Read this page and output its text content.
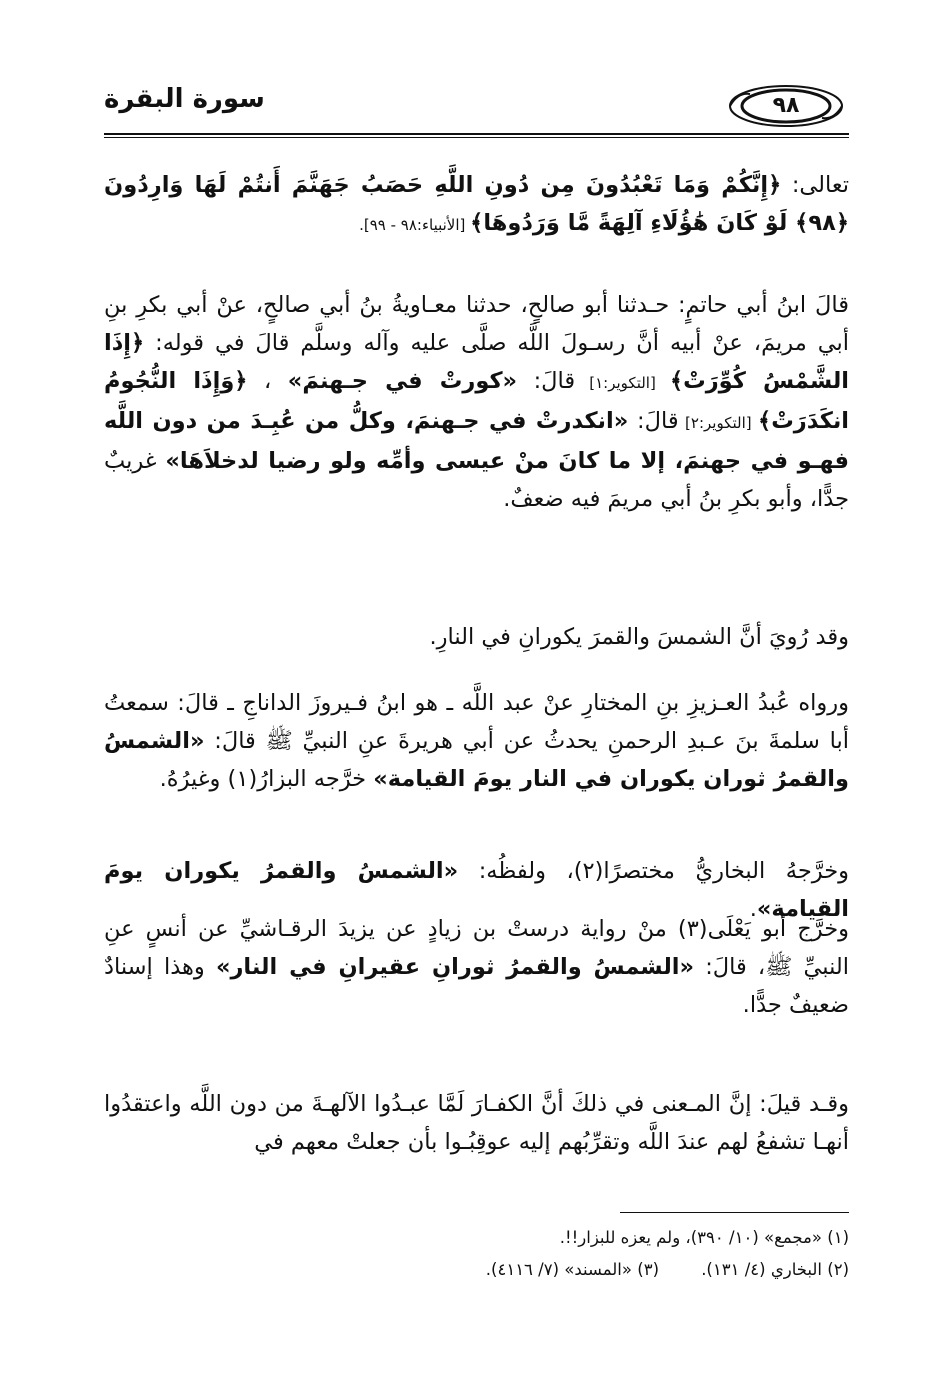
٩٨
سورة البقرة

تعالى: ﴿إِنَّكُمْ وَمَا تَعْبُدُونَ مِن دُونِ اللَّهِ حَصَبُ جَهَنَّمَ أَنتُمْ لَهَا وَارِدُونَ ﴿٩٨﴾ لَوْ كَانَ هَٰؤُلَاءِ آلِهَةً مَّا وَرَدُوهَا﴾ [الأنبياء:٩٨ - ٩٩].

قالَ ابنُ أبي حاتمٍ: حـدثنا أبو صالحٍ، حدثنا معـاويةُ بنُ أبي صالحٍ، عنْ أبي بكرِ بنِ أبي مريمَ، عنْ أبيه أنَّ رسـولَ اللَّه صلَّى عليه وآله وسلَّم قالَ في قوله: ﴿إِذَا الشَّمْسُ كُوِّرَتْ﴾ [التكوير:١] قالَ: «كورتْ في جـهنمَ» ، ﴿وَإِذَا النُّجُومُ انكَدَرَتْ﴾ [التكوير:٢] قالَ: «انكدرتْ في جـهنمَ، وكلُّ من عُبِـدَ من دون اللَّه فهـو في جهنمَ، إلا ما كانَ منْ عيسى وأمِّه ولو رضيا لدخلاَهَا» غريبٌ جدًّا، وأبو بكرِ بنُ أبي مريمَ فيه ضعفٌ.

وقد رُويَ أنَّ الشمسَ والقمرَ يكورانِ في النارِ.

ورواه عُبدُ العـزيزِ بنِ المختارِ عنْ عبد اللَّه ـ هو ابنُ فـيروزَ الداناجِ ـ قالَ: سمعتُ أبا سلمةَ بنَ عـبدِ الرحمنِ يحدثُ عن أبي هريرةَ عنِ النبيِّ ﷺ قالَ: «الشمسُ والقمرُ ثوران يكوران في النار يومَ القيامة» خرَّجه البزارُ(١) وغيرُهُ.

وخرَّجهُ البخاريُّ مختصرًا(٢)، ولفظُه: «الشمسُ والقمرُ يكوران يومَ القيامة».

وخرَّج أبو يَعْلَى(٣) منْ رواية درستْ بن زيادٍ عن يزيدَ الرقـاشيِّ عن أنسٍ عنِ النبيِّ ﷺ، قالَ: «الشمسُ والقمرُ ثورانِ عقيرانِ في النار» وهذا إسنادٌ ضعيفٌ جدًّا.

وقـد قيلَ: إنَّ المـعنى في ذلكَ أنَّ الكفـارَ لَمَّا عبـدُوا الآلهـةَ من دون اللَّه واعتقدُوا أنهـا تشفعُ لهم عندَ اللَّه وتقرِّبُهم إليه عوقِبُـوا بأن جعلتْ معهم في

(١) «مجمع» (١٠/ ٣٩٠)، ولم يعزه للبزار!!.
(٢) البخاري (٤/ ١٣١).
(٣) «المسند» (٧/ ٤١١٦).
